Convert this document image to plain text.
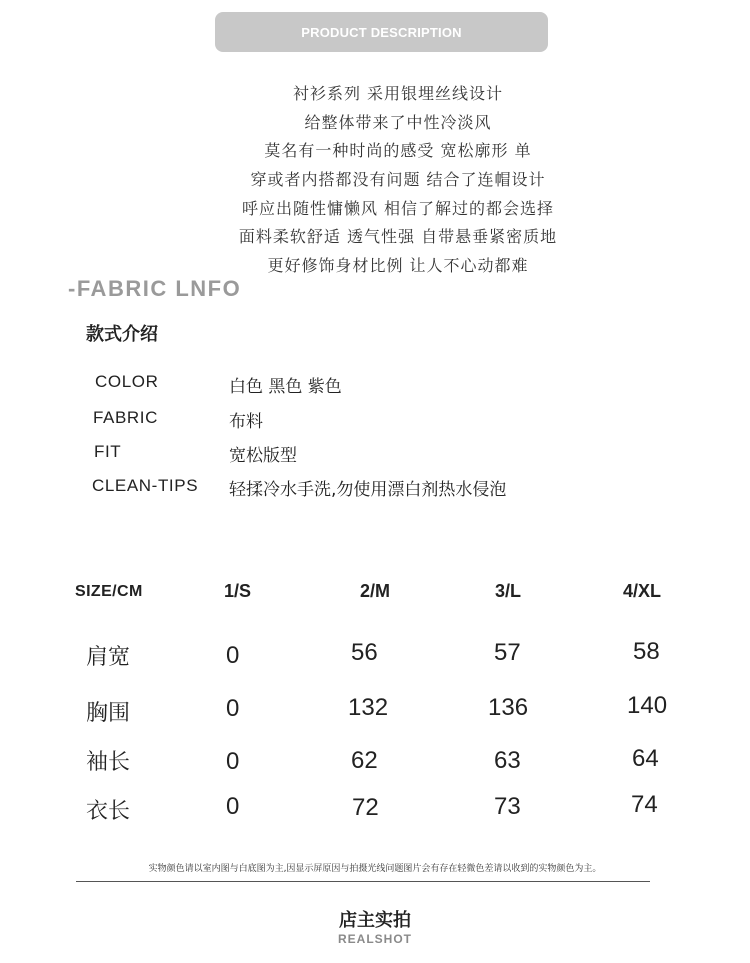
PRODUCT DESCRIPTION
衬衫系列 采用银埋丝线设计
给整体带来了中性冷淡风
莫名有一种时尚的感受 宽松廓形 单
穿或者内搭都没有问题 结合了连帽设计
呼应出随性慵懒风 相信了解过的都会选择
面料柔软舒适 透气性强 自带悬垂紧密质地
更好修饰身材比例 让人不心动都难
-FABRIC LNFO
款式介绍
COLOR	白色 黑色 紫色
FABRIC	布料
FIT	宽松版型
CLEAN-TIPS 轻揉冷水手洗,勿使用漂白剂热水侵泡
SIZE/CM	1/S	2/M	3/L	4/XL
肩宽	0	56	57	58
胸围	0	132	136	140
袖长	0	62	63	64
衣长	0	72	73	74
实物颜色请以室内图与白底图为主,因显示屏原因与拍摄光线问题图片会有存在轻微色差请以收到的实物颜色为主。
店主实拍
REALSHOT
